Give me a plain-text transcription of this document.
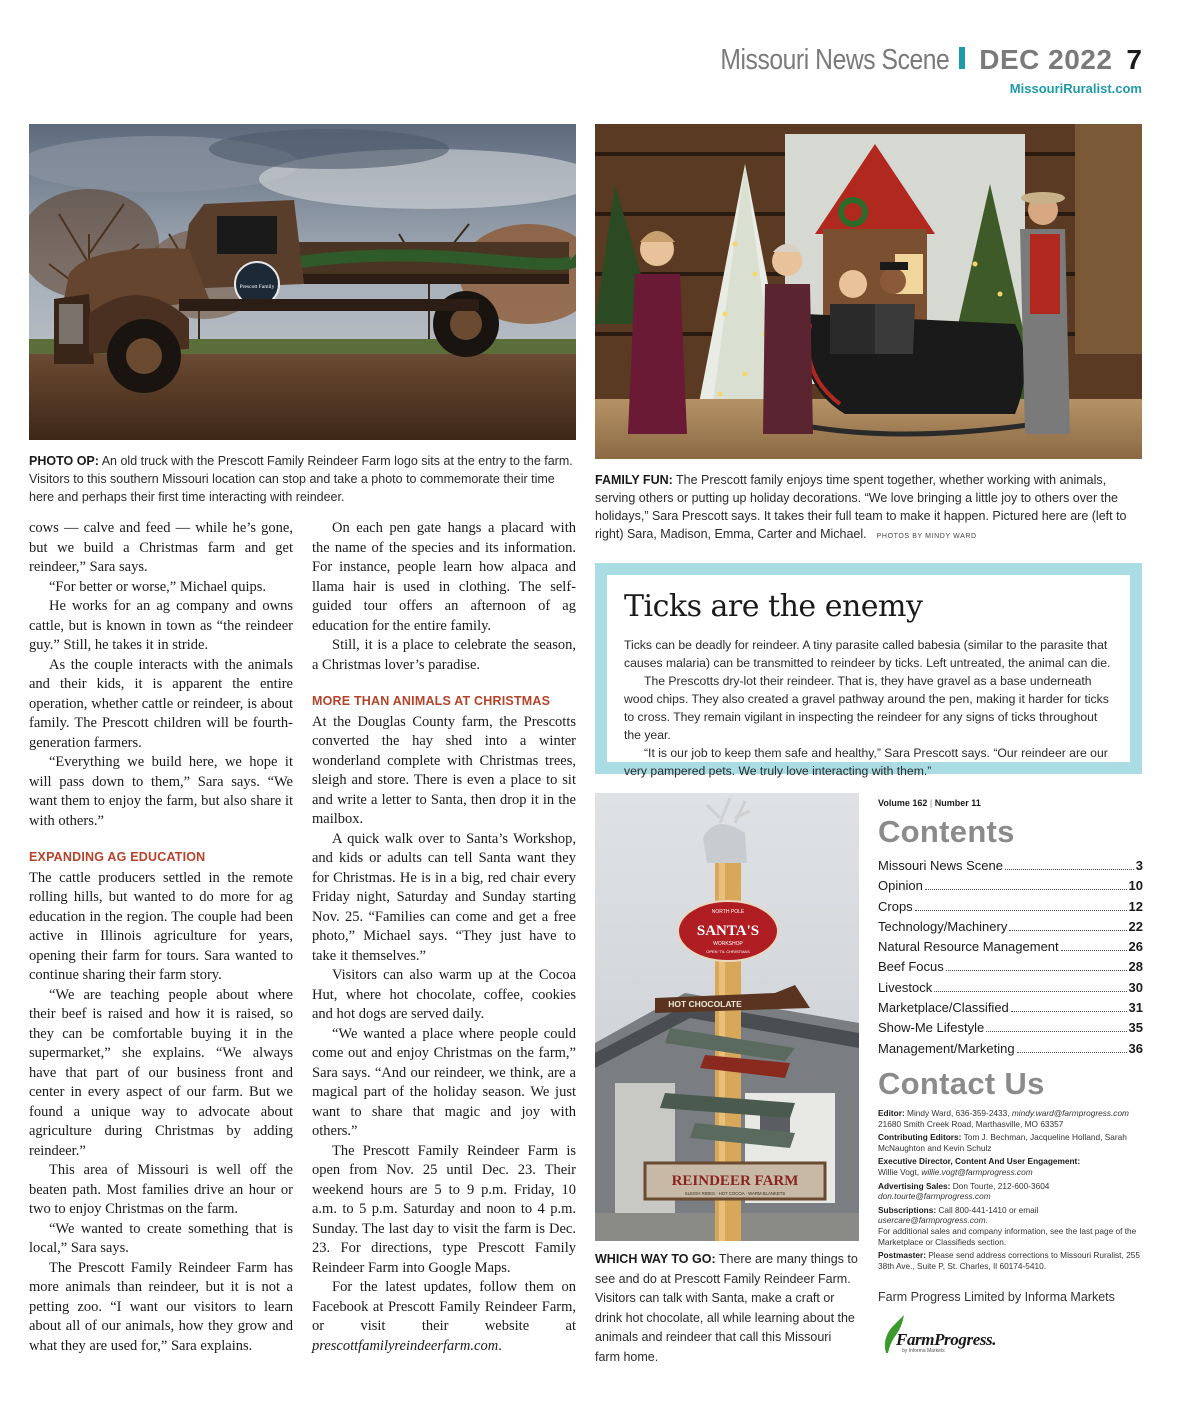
Missouri News Scene DEC 2022 7
MissouriRuralist.com
Prescott Family
NORTH POLE
SANTA'S
WORKSHOP
OPEN 'TIL CHRISTMAS
HOT CHOCOLATE
REINDEER FARM
SLEIGH RIDES · HOT COCOA · WARM BLANKETS
PHOTO OP: An old truck with the Prescott Family Reindeer Farm logo sits at the entry to the farm. Visitors to this southern Missouri location can stop and take a photo to commemorate their time here and perhaps their first time interacting with reindeer.
FAMILY FUN: The Prescott family enjoys time spent together, whether working with animals, serving others or putting up holiday decorations. “We love bringing a little joy to others over the holidays,” Sara Prescott says. It takes their full team to make it happen. Pictured here are (left to right) Sara, Madison, Emma, Carter and Michael. PHOTOS BY MINDY WARD
WHICH WAY TO GO: There are many things to see and do at Prescott Family Reindeer Farm. Visitors can talk with Santa, make a craft or drink hot chocolate, all while learning about the animals and reindeer that call this Missouri farm home.

cows — calve and feed — while he’s gone, but we build a Christmas farm and get reindeer,” Sara says.

“For better or worse,” Michael quips.

He works for an ag company and owns cattle, but is known in town as “the reindeer guy.” Still, he takes it in stride.

As the couple interacts with the animals and their kids, it is apparent the entire operation, whether cattle or reindeer, is about family. The Prescott children will be fourth-generation farmers.

“Everything we build here, we hope it will pass down to them,” Sara says. “We want them to enjoy the farm, but also share it with others.”

EXPANDING AG EDUCATION

The cattle producers settled in the remote rolling hills, but wanted to do more for ag education in the region. The couple had been active in Illinois agriculture for years, opening their farm for tours. Sara wanted to continue sharing their farm story.

“We are teaching people about where their beef is raised and how it is raised, so they can be comfortable buying it in the supermarket,” she explains. “We always have that part of our business front and center in every aspect of our farm. But we found a unique way to advocate about agriculture during Christmas by adding reindeer.”

This area of Missouri is well off the beaten path. Most families drive an hour or two to enjoy Christmas on the farm.

“We wanted to create something that is local,” Sara says.

The Prescott Family Reindeer Farm has more animals than reindeer, but it is not a petting zoo. “I want our visitors to learn about all of our animals, how they grow and what they are used for,” Sara explains.

On each pen gate hangs a placard with the name of the species and its information. For instance, people learn how alpaca and llama hair is used in clothing. The self-guided tour offers an afternoon of ag education for the entire family.

Still, it is a place to celebrate the season, a Christmas lover’s paradise.

MORE THAN ANIMALS AT CHRISTMAS

At the Douglas County farm, the Prescotts converted the hay shed into a winter wonderland complete with Christmas trees, sleigh and store. There is even a place to sit and write a letter to Santa, then drop it in the mailbox.

A quick walk over to Santa’s Workshop, and kids or adults can tell Santa want they for Christmas. He is in a big, red chair every Friday night, Saturday and Sunday starting Nov. 25. “Families can come and get a free photo,” Michael says. “They just have to take it themselves.”

Visitors can also warm up at the Cocoa Hut, where hot chocolate, coffee, cookies and hot dogs are served daily.

“We wanted a place where people could come out and enjoy Christmas on the farm,” Sara says. “And our reindeer, we think, are a magical part of the holiday season. We just want to share that magic and joy with others.”

The Prescott Family Reindeer Farm is open from Nov. 25 until Dec. 23. Their weekend hours are 5 to 9 p.m. Friday, 10 a.m. to 5 p.m. Saturday and noon to 4 p.m. Sunday. The last day to visit the farm is Dec. 23. For directions, type Prescott Family Reindeer Farm into Google Maps.

For the latest updates, follow them on Facebook at Prescott Family Reindeer Farm, or visit their website at prescottfamilyreindeerfarm.com.

Ticks are the enemy

Ticks can be deadly for reindeer. A tiny parasite called babesia (similar to the parasite that causes malaria) can be transmitted to reindeer by ticks. Left untreated, the animal can die.

The Prescotts dry-lot their reindeer. That is, they have gravel as a base underneath wood chips. They also created a gravel pathway around the pen, making it harder for ticks to cross. They remain vigilant in inspecting the reindeer for any signs of ticks throughout the year.

“It is our job to keep them safe and healthy,” Sara Prescott says. “Our reindeer are our very pampered pets. We truly love interacting with them.”

Volume 162 | Number 11
Contents
Missouri News Scene	3
Opinion	10
Crops	12
Technology/Machinery	22
Natural Resource Management	26
Beef Focus	28
Livestock	30
Marketplace/Classified	31
Show-Me Lifestyle	35
Management/Marketing	36
Contact Us
Editor: Mindy Ward, 636-359-2433, mindy.ward@farmprogress.com
21680 Smith Creek Road, Marthasville, MO 63357
Contributing Editors: Tom J. Bechman, Jacqueline Holland, Sarah McNaughton and Kevin Schulz
Executive Director, Content And User Engagement:
Willie Vogt, willie.vogt@farmprogress.com
Advertising Sales: Don Tourte, 212-600-3604
don.tourte@farmprogress.com
Subscriptions: Call 800-441-1410 or email usercare@farmprogress.com.
For additional sales and company information, see the last page of the Marketplace or Classifieds section.
Postmaster: Please send address corrections to Missouri Ruralist, 255 38th Ave., Suite P, St. Charles, Il 60174-5410.
Farm Progress Limited by Informa Markets
FarmProgress.
by Informa Markets
